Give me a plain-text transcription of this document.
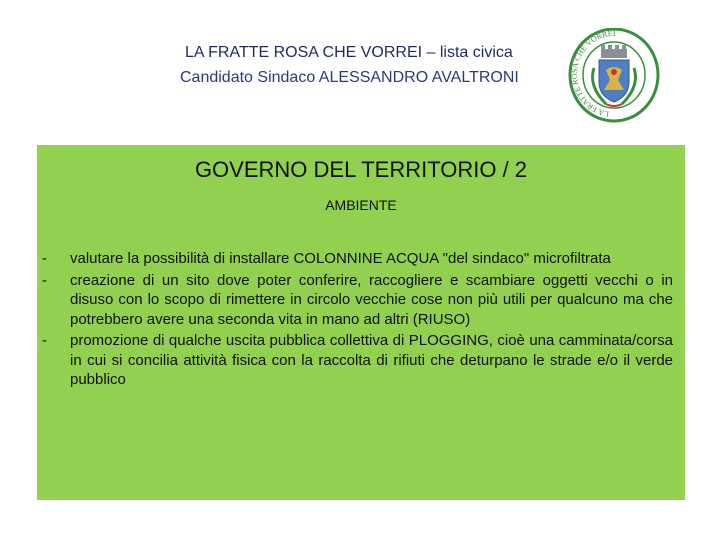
LA FRATTE ROSA CHE VORREI – lista civica
Candidato Sindaco ALESSANDRO AVALTRONI
LA FRATTE ROSA CHE VORREI
GOVERNO DEL TERRITORIO / 2
AMBIENTE
- valutare la possibilità di installare COLONNINE ACQUA "del sindaco" microfiltrata
- creazione di un sito dove poter conferire, raccogliere e scambiare oggetti vecchi o in disuso con lo scopo di rimettere in circolo vecchie cose non più utili per qualcuno ma che potrebbero avere una seconda vita in mano ad altri (RIUSO)
- promozione di qualche uscita pubblica collettiva di PLOGGING, cioè una camminata/corsa in cui si concilia attività fisica con la raccolta di rifiuti che deturpano le strade e/o il verde pubblico
